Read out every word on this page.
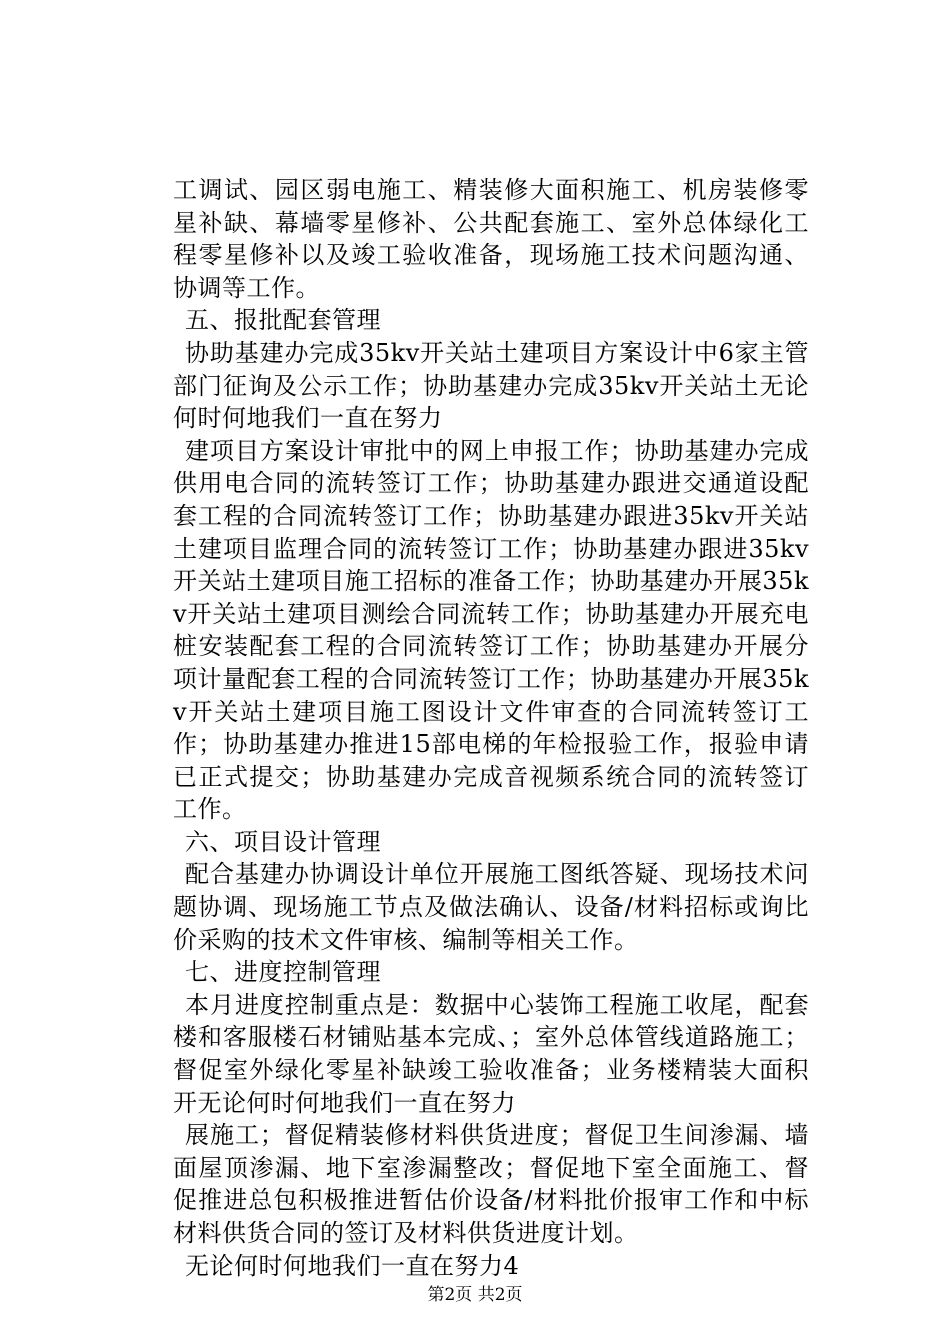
工调试、园区弱电施工、精装修大面积施工、机房装修零星补缺、幕墙零星修补、公共配套施工、室外总体绿化工程零星修补以及竣工验收准备，现场施工技术问题沟通、协调等工作。

五、报批配套管理

协助基建办完成35kv开关站土建项目方案设计中6家主管部门征询及公示工作；协助基建办完成35kv开关站土无论何时何地我们一直在努力

建项目方案设计审批中的网上申报工作；协助基建办完成供用电合同的流转签订工作；协助基建办跟进交通道设配套工程的合同流转签订工作；协助基建办跟进35kv开关站土建项目监理合同的流转签订工作；协助基建办跟进35kv开关站土建项目施工招标的准备工作；协助基建办开展35kv开关站土建项目测绘合同流转工作；协助基建办开展充电桩安装配套工程的合同流转签订工作；协助基建办开展分项计量配套工程的合同流转签订工作；协助基建办开展35kv开关站土建项目施工图设计文件审查的合同流转签订工作；协助基建办推进15部电梯的年检报验工作，报验申请已正式提交；协助基建办完成音视频系统合同的流转签订工作。

六、项目设计管理

配合基建办协调设计单位开展施工图纸答疑、现场技术问题协调、现场施工节点及做法确认、设备/材料招标或询比价采购的技术文件审核、编制等相关工作。

七、进度控制管理

本月进度控制重点是：数据中心装饰工程施工收尾，配套楼和客服楼石材铺贴基本完成、；室外总体管线道路施工；督促室外绿化零星补缺竣工验收准备；业务楼精装大面积开无论何时何地我们一直在努力

展施工；督促精装修材料供货进度；督促卫生间渗漏、墙面屋顶渗漏、地下室渗漏整改；督促地下室全面施工、督促推进总包积极推进暂估价设备/材料批价报审工作和中标材料供货合同的签订及材料供货进度计划。

无论何时何地我们一直在努力4

第2页 共2页
